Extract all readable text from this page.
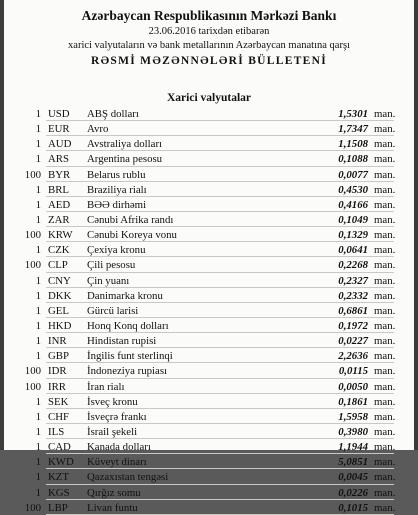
Azərbaycan Respublikasının Mərkəzi Bankı
23.06.2016 tarixdən etibarən
xarici valyutaların və bank metallarının Azərbaycan manatına qarşı
RƏSMİ MƏZƏNNƏLƏRİ BÜLLETENİ
Xarici valyutalar
1 USD ABŞ dolları	1,5301 man.
1 EUR Avro	1,7347 man.
1 AUD Avstraliya dolları	1,1508 man.
1 ARS Argentina pesosu	0,1088 man.
100 BYR Belarus rublu	0,0077 man.
1 BRL Braziliya rialı	0,4530 man.
1 AED BƏƏ dirhəmi	0,4166 man.
1 ZAR Cənubi Afrika randı	0,1049 man.
100 KRW Cənubi Koreya vonu	0,1329 man.
1 CZK Çexiya kronu	0,0641 man.
100 CLP Çili pesosu	0,2268 man.
1 CNY Çin yuanı	0,2327 man.
1 DKK Danimarka kronu	0,2332 man.
1 GEL Gürcü larisi	0,6861 man.
1 HKD Honq Konq dolları	0,1972 man.
1 INR Hindistan rupisi	0,0227 man.
1 GBP İngilis funt sterlinqi	2,2636 man.
100 IDR İndoneziya rupiası	0,0115 man.
100 IRR İran rialı	0,0050 man.
1 SEK İsveç kronu	0,1861 man.
1 CHF İsveçrə frankı	1,5958 man.
1 ILS İsrail şekeli	0,3980 man.
1 CAD Kanada dolları	1,1944 man.
1 KWD Küveyt dinarı	5,0851 man.
1 KZT Qazaxıstan tengəsi	0,0045 man.
1 KGS Qırğız somu	0,0226 man.
100 LBP Livan funtu	0,1015 man.
